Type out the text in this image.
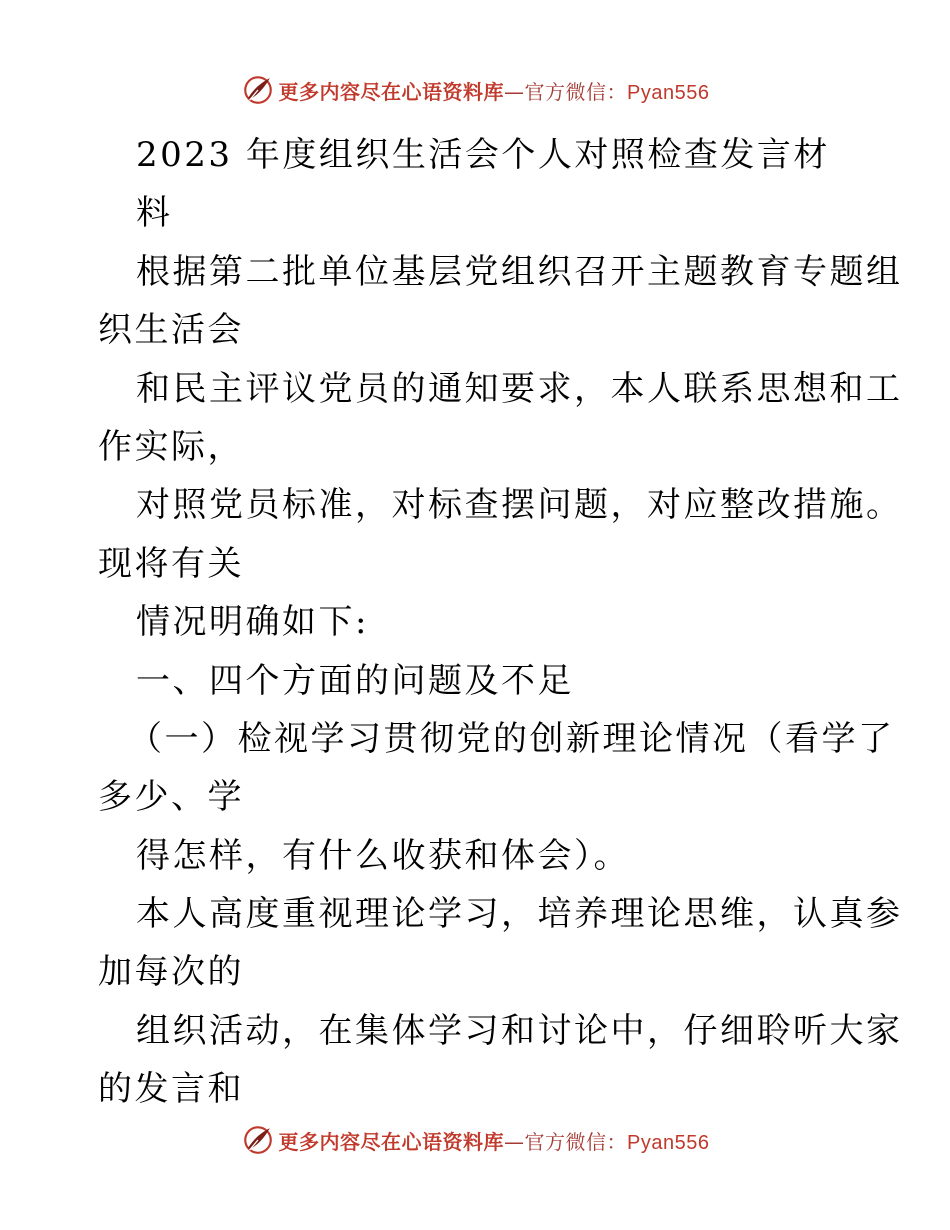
更多内容尽在心语资料库—官方微信：Pyan556
2023 年度组织生活会个人对照检查发言材
料
根据第二批单位基层党组织召开主题教育专题组
织生活会
和民主评议党员的通知要求，本人联系思想和工
作实际，
对照党员标准，对标查摆问题，对应整改措施。
现将有关
情况明确如下:
一、四个方面的问题及不足
（一）检视学习贯彻党的创新理论情况（看学了
多少、学
得怎样，有什么收获和体会）。
本人高度重视理论学习，培养理论思维，认真参
加每次的
组织活动，在集体学习和讨论中，仔细聆听大家
的发言和
更多内容尽在心语资料库—官方微信：Pyan556
